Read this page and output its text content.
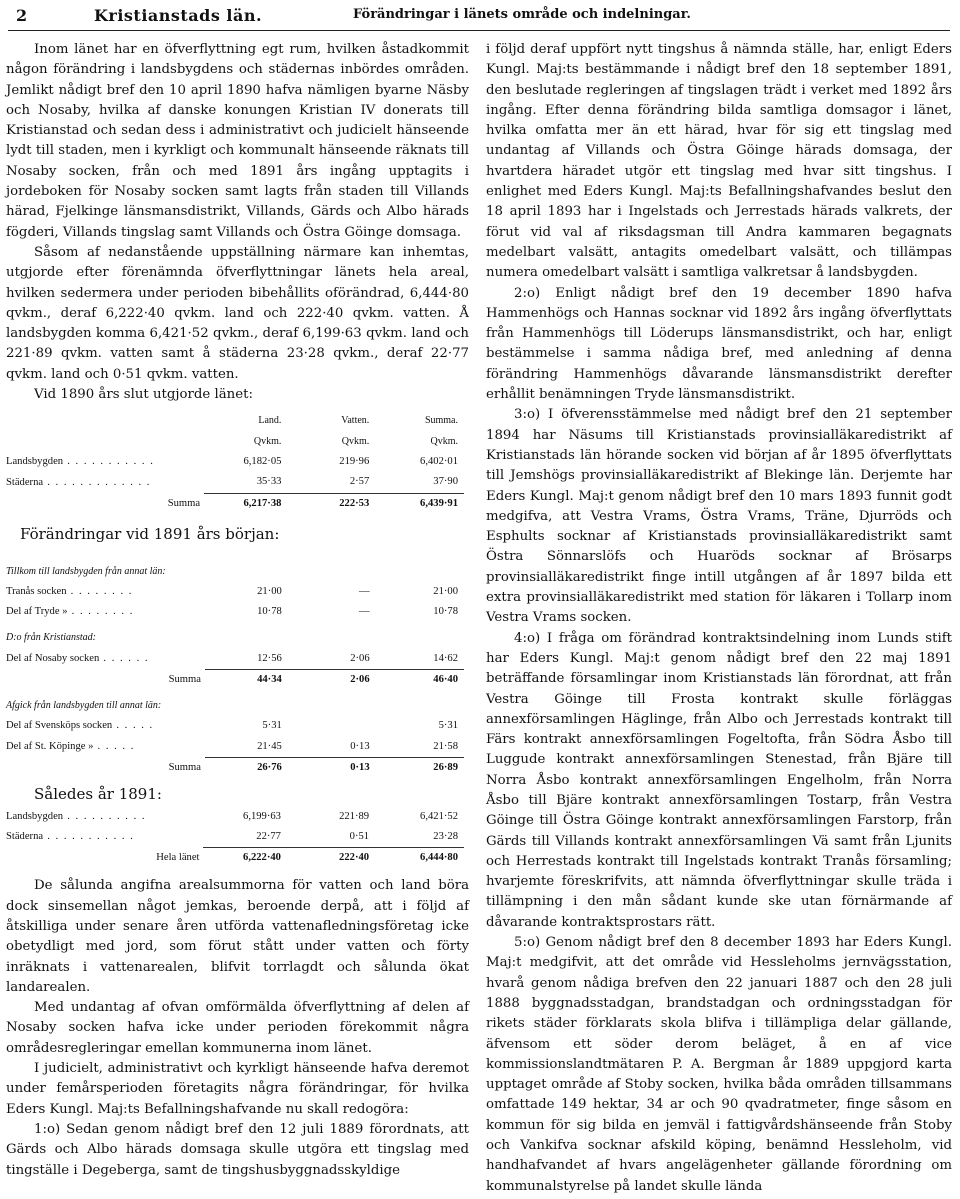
2	Kristianstads län.	Förändringar i länets område och indelningar.

Inom länet har en öfverflyttning egt rum, hvilken åstadkommit någon förändring i landsbygdens och städernas inbördes områden. Jemlikt nådigt bref den 10 april 1890 hafva nämligen byarne Näsby och Nosaby, hvilka af danske konungen Kristian IV donerats till Kristianstad och sedan dess i administrativt och judicielt hänseende lydt till staden, men i kyrkligt och kommunalt hänseende räknats till Nosaby socken, från och med 1891 års ingång upptagits i jordeboken för Nosaby socken samt lagts från staden till Villands härad, Fjelkinge länsmansdistrikt, Villands, Gärds och Albo härads fögderi, Villands tingslag samt Villands och Östra Göinge domsaga.

Såsom af nedanstående uppställning närmare kan inhemtas, utgjorde efter förenämnda öfverflyttningar länets hela areal, hvilken sedermera under perioden bibehållits oförändrad, 6,444·80 qvkm., deraf 6,222·40 qvkm. land och 222·40 qvkm. vatten. Å landsbygden komma 6,421·52 qvkm., deraf 6,199·63 qvkm. land och 221·89 qvkm. vatten samt å städerna 23·28 qvkm., deraf 22·77 qvkm. land och 0·51 qvkm. vatten.

Vid 1890 års slut utgjorde länet:

	Land.	Vatten.	Summa.
	Qvkm.	Qvkm.	Qvkm.
Landsbygden . . . . . . . . . . .	6,182·05	219·96	6,402·01
Städerna . . . . . . . . . . . . .	35·33	2·57	37·90
Summa	6,217·38	222·53	6,439·91

Förändringar vid 1891 års början:

Tillkom till landsbygden från annat län:			
Tranås socken . . . . . . . .	21·00	—	21·00
Del af Tryde » . . . . . . . .	10·78	—	10·78
D:o från Kristianstad:			
Del af Nosaby socken . . . . . .	12·56	2·06	14·62
Summa	44·34	2·06	46·40
Afgick från landsbygden till annat län:			
Del af Svensköps socken . . . . .	5·31		5·31
Del af St. Köpinge » . . . . .	21·45	0·13	21·58
Summa	26·76	0·13	26·89

Således år 1891:

Landsbygden . . . . . . . . . .	6,199·63	221·89	6,421·52
Städerna . . . . . . . . . . .	22·77	0·51	23·28
Hela länet	6,222·40	222·40	6,444·80

De sålunda angifna arealsummorna för vatten och land böra dock sinsemellan något jemkas, beroende derpå, att i följd af åtskilliga under senare åren utförda vattenafledningsföretag icke obetydligt med jord, som förut stått under vatten och förty inräknats i vattenarealen, blifvit torrlagdt och sålunda ökat landarealen.

Med undantag af ofvan omförmälda öfverflyttning af delen af Nosaby socken hafva icke under perioden förekommit några områdesregleringar emellan kommunerna inom länet.

I judicielt, administrativt och kyrkligt hänseende hafva deremot under femårsperioden företagits några förändringar, för hvilka Eders Kungl. Maj:ts Befallningshafvande nu skall redogöra:

1:o) Sedan genom nådigt bref den 12 juli 1889 förordnats, att Gärds och Albo härads domsaga skulle utgöra ett tingslag med tingställe i Degeberga, samt de tingshusbyggnadsskyldige

i följd deraf uppfört nytt tingshus å nämnda ställe, har, enligt Eders Kungl. Maj:ts bestämmande i nådigt bref den 18 september 1891, den beslutade regleringen af tingslagen trädt i verket med 1892 års ingång. Efter denna förändring bilda samtliga domsagor i länet, hvilka omfatta mer än ett härad, hvar för sig ett tingslag med undantag af Villands och Östra Göinge härads domsaga, der hvartdera häradet utgör ett tingslag med hvar sitt tingshus. I enlighet med Eders Kungl. Maj:ts Befallningshafvandes beslut den 18 april 1893 har i Ingelstads och Jerrestads härads valkrets, der förut vid val af riksdagsman till Andra kammaren begagnats medelbart valsätt, antagits omedelbart valsätt, och tillämpas numera omedelbart valsätt i samtliga valkretsar å landsbygden.

2:o) Enligt nådigt bref den 19 december 1890 hafva Hammenhögs och Hannas socknar vid 1892 års ingång öfverflyttats från Hammenhögs till Löderups länsmansdistrikt, och har, enligt bestämmelse i samma nådiga bref, med anledning af denna förändring Hammenhögs dåvarande länsmansdistrikt derefter erhållit benämningen Tryde länsmansdistrikt.

3:o) I öfverensstämmelse med nådigt bref den 21 september 1894 har Näsums till Kristianstads provinsialläkaredistrikt af Kristianstads län hörande socken vid början af år 1895 öfverflyttats till Jemshögs provinsialläkaredistrikt af Blekinge län. Derjemte har Eders Kungl. Maj:t genom nådigt bref den 10 mars 1893 funnit godt medgifva, att Vestra Vrams, Östra Vrams, Träne, Djurröds och Esphults socknar af Kristianstads provinsialläkaredistrikt samt Östra Sönnarslöfs och Huaröds socknar af Brösarps provinsialläkaredistrikt finge intill utgången af år 1897 bilda ett extra provinsialläkaredistrikt med station för läkaren i Tollarp inom Vestra Vrams socken.

4:o) I fråga om förändrad kontraktsindelning inom Lunds stift har Eders Kungl. Maj:t genom nådigt bref den 22 maj 1891 beträffande församlingar inom Kristianstads län förordnat, att från Vestra Göinge till Frosta kontrakt skulle förläggas annexförsamlingen Häglinge, från Albo och Jerrestads kontrakt till Färs kontrakt annexförsamlingen Fogeltofta, från Södra Åsbo till Luggude kontrakt annexförsamlingen Stenestad, från Bjäre till Norra Åsbo kontrakt annexförsamlingen Engelholm, från Norra Åsbo till Bjäre kontrakt annexförsamlingen Tostarp, från Vestra Göinge till Östra Göinge kontrakt annexförsamlingen Farstorp, från Gärds till Villands kontrakt annexförsamlingen Vä samt från Ljunits och Herrestads kontrakt till Ingelstads kontrakt Tranås församling; hvarjemte föreskrifvits, att nämnda öfverflyttningar skulle träda i tillämpning i den mån sådant kunde ske utan förnärmande af dåvarande kontraktsprostars rätt.

5:o) Genom nådigt bref den 8 december 1893 har Eders Kungl. Maj:t medgifvit, att det område vid Hessleholms jernvägsstation, hvarå genom nådiga brefven den 22 januari 1887 och den 28 juli 1888 byggnadsstadgan, brandstadgan och ordningsstadgan för rikets städer förklarats skola blifva i tillämpliga delar gällande, äfvensom ett söder derom beläget, å en af vice kommissionslandtmätaren P. A. Bergman år 1889 uppgjord karta upptaget område af Stoby socken, hvilka båda områden tillsammans omfattade 149 hektar, 34 ar och 90 qvadratmeter, finge såsom en kommun för sig bilda en jemväl i fattigvårdshänseende från Stoby och Vankifva socknar afskild köping, benämnd Hessleholm, vid handhafvandet af hvars angelägenheter gällande förordning om kommunalstyrelse på landet skulle lända
